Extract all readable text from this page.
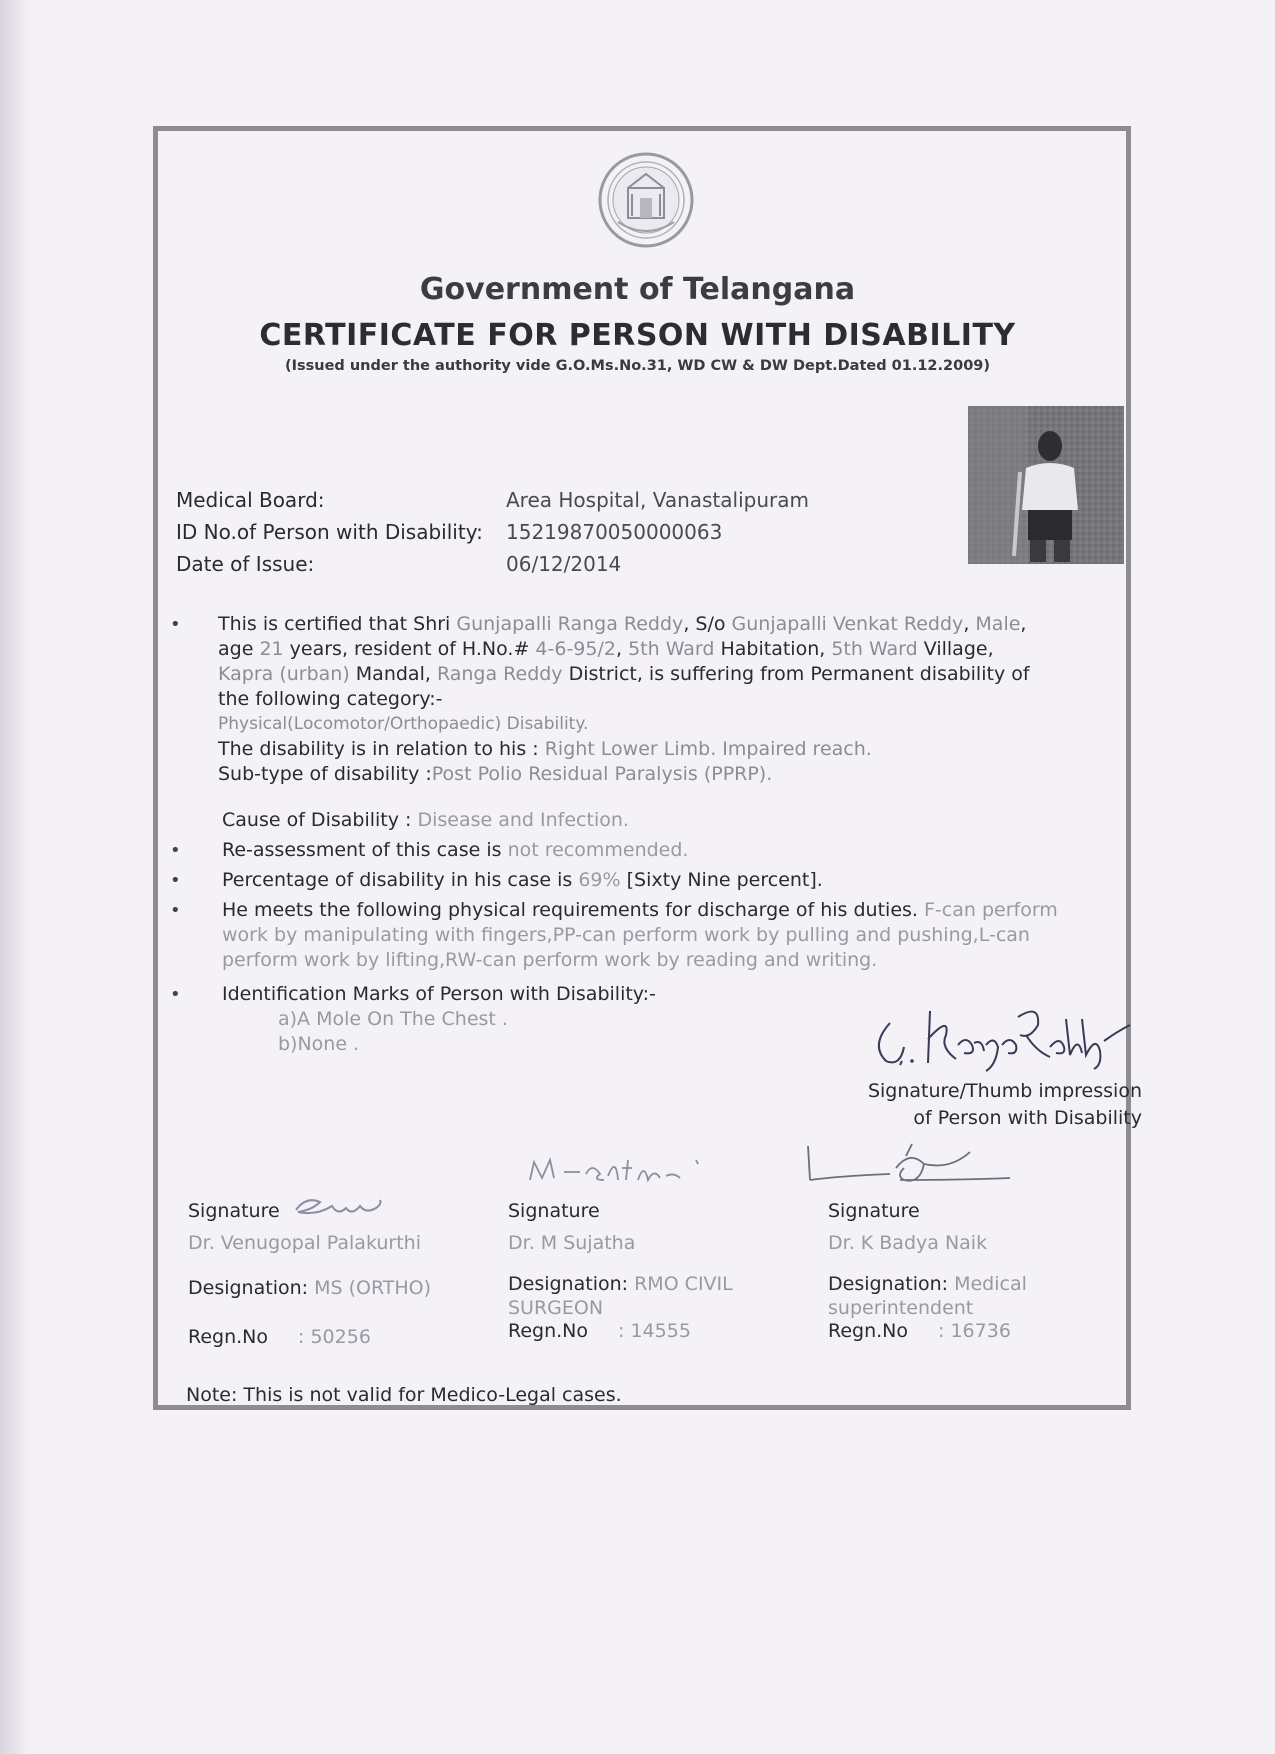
Government of Telangana
CERTIFICATE FOR PERSON WITH DISABILITY
(Issued under the authority vide G.O.Ms.No.31, WD CW & DW Dept.Dated 01.12.2009)
Medical Board:	Area Hospital, Vanastalipuram
ID No.of Person with Disability: 15219870050000063
Date of Issue:	06/12/2014
• This is certified that Shri Gunjapalli Ranga Reddy, S/o Gunjapalli Venkat Reddy, Male,
age 21 years, resident of H.No.# 4-6-95/2, 5th Ward Habitation, 5th Ward Village,
Kapra (urban) Mandal, Ranga Reddy District, is suffering from Permanent disability of
the following category:-
Physical(Locomotor/Orthopaedic) Disability.
The disability is in relation to his : Right Lower Limb. Impaired reach.
Sub-type of disability :Post Polio Residual Paralysis (PPRP).
Cause of Disability : Disease and Infection.
• Re-assessment of this case is not recommended.
• Percentage of disability in his case is 69% [Sixty Nine percent].
• He meets the following physical requirements for discharge of his duties. F-can perform
work by manipulating with fingers,PP-can perform work by pulling and pushing,L-can
perform work by lifting,RW-can perform work by reading and writing.
• Identification Marks of Person with Disability:-
a)A Mole On The Chest .
b)None .
Signature/Thumb impression
of Person with Disability
Signature
Dr. Venugopal Palakurthi
Designation: MS (ORTHO)
Regn.No : 50256
Signature
Dr. M Sujatha
Designation: RMO CIVIL SURGEON
Regn.No : 14555
Signature
Dr. K Badya Naik
Designation: Medical superintendent
Regn.No : 16736
Note: This is not valid for Medico-Legal cases.
